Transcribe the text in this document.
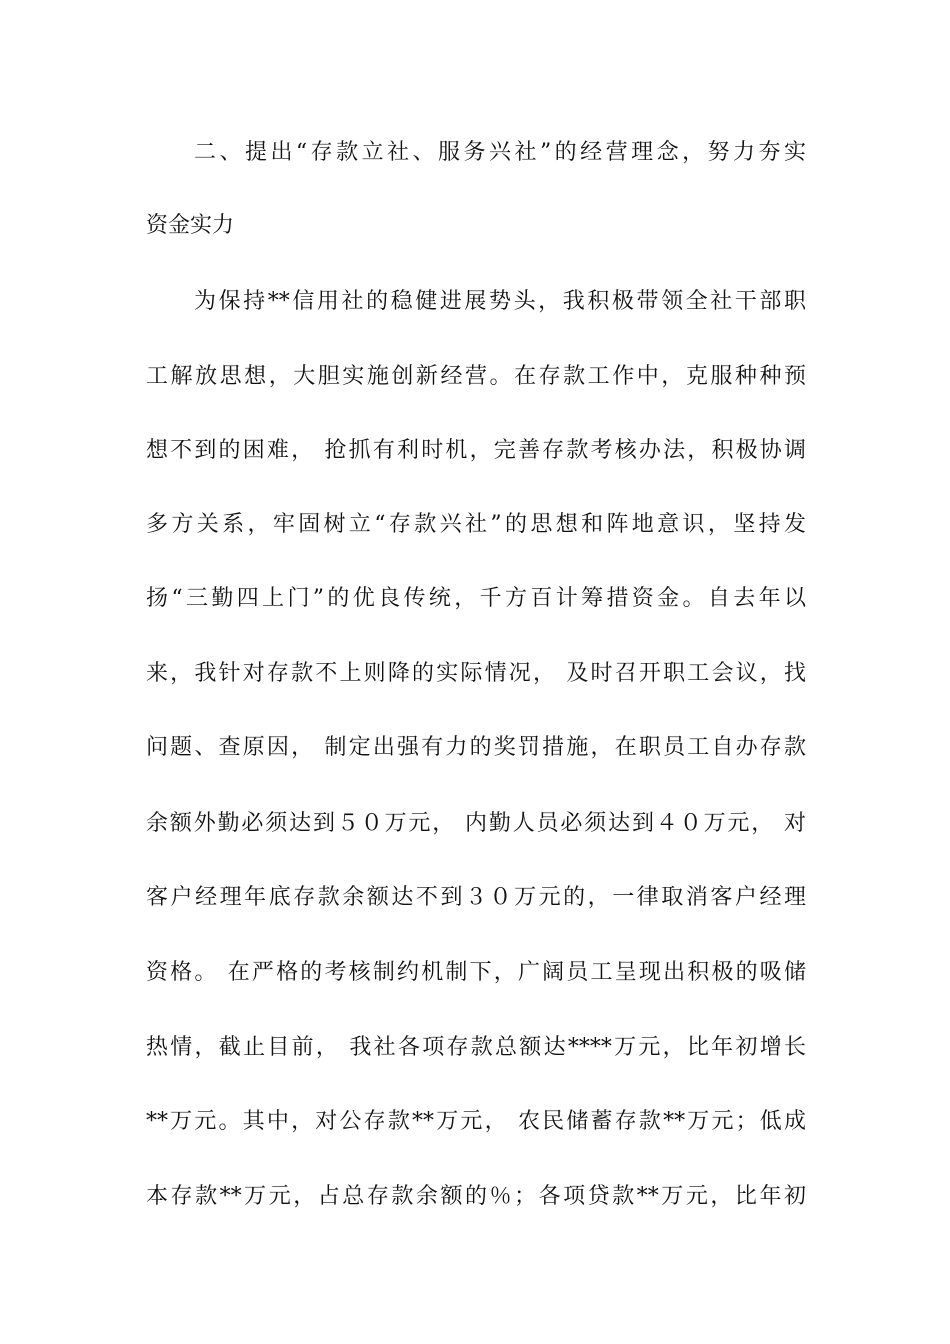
二、提出“存款立社、服务兴社”的经营理念，努力夯实
资金实力
为保持**信用社的稳健进展势头，我积极带领全社干部职
工解放思想，大胆实施创新经营。在存款工作中，克服种种预
想不到的困难， 抢抓有利时机，完善存款考核办法，积极协调
多方关系，牢固树立“存款兴社”的思想和阵地意识，坚持发
扬“三勤四上门”的优良传统，千方百计筹措资金。自去年以
来，我针对存款不上则降的实际情况， 及时召开职工会议，找
问题、查原因， 制定出强有力的奖罚措施，在职员工自办存款
余额外勤必须达到５０万元， 内勤人员必须达到４０万元， 对
客户经理年底存款余额达不到３０万元的，一律取消客户经理
资格。 在严格的考核制约机制下，广阔员工呈现出积极的吸储
热情，截止目前， 我社各项存款总额达****万元，比年初增长
**万元。其中，对公存款**万元， 农民储蓄存款**万元；低成
本存款**万元，占总存款余额的％；各项贷款**万元，比年初
